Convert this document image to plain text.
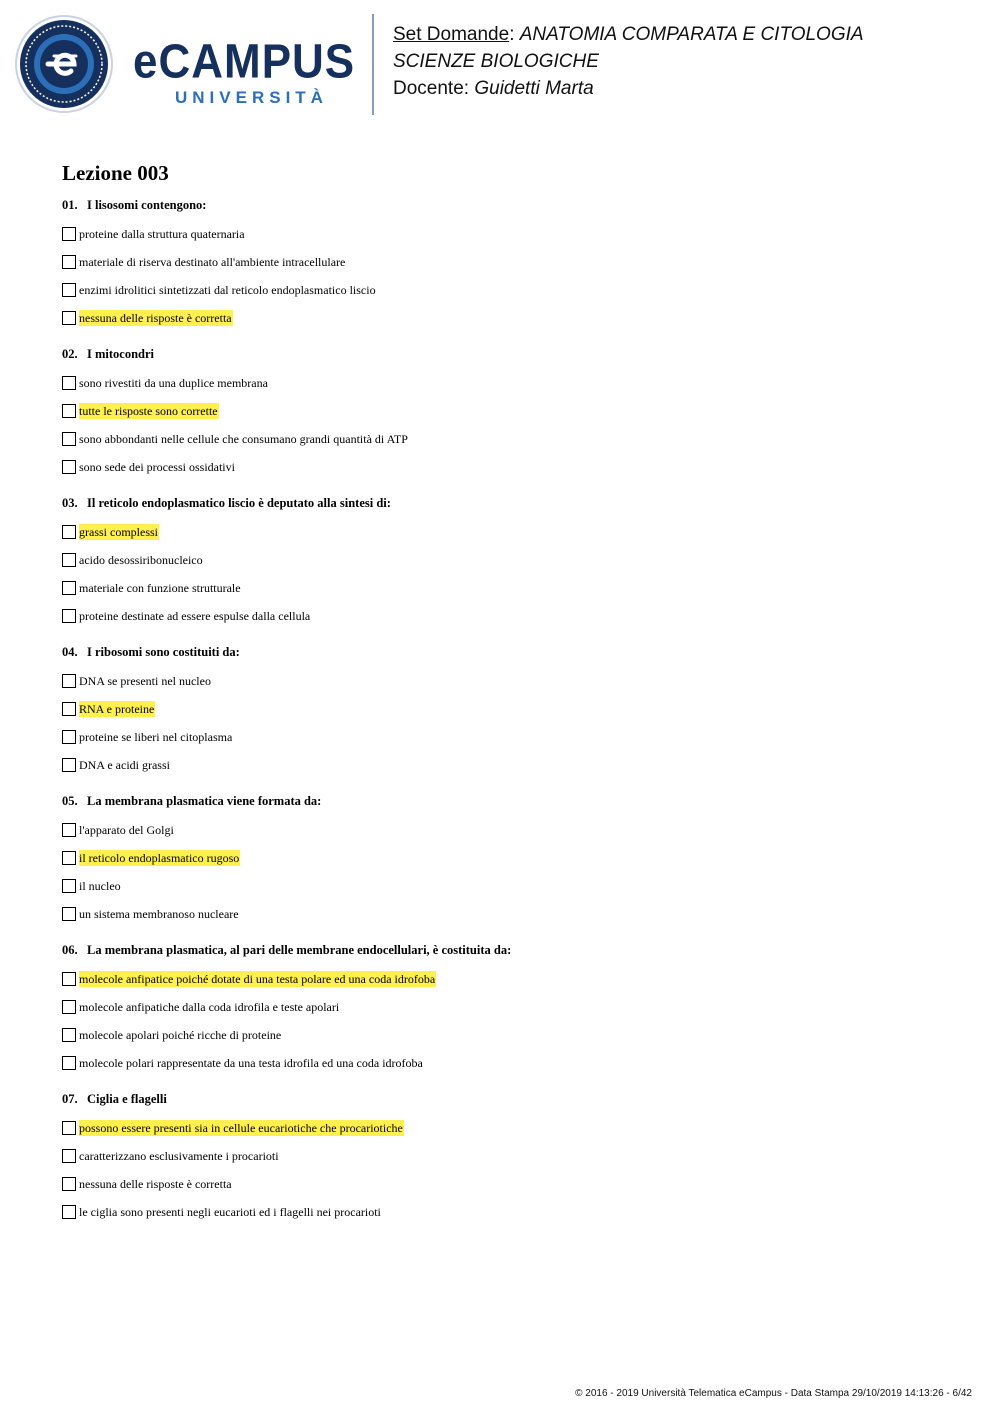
eCAMPUS
UNIVERSITÀ
Set Domande: ANATOMIA COMPARATA E CITOLOGIA
SCIENZE BIOLOGICHE
Docente: Guidetti Marta
Lezione 003
01. I lisosomi contengono:
proteine dalla struttura quaternaria
materiale di riserva destinato all'ambiente intracellulare
enzimi idrolitici sintetizzati dal reticolo endoplasmatico liscio
nessuna delle risposte è corretta
02. I mitocondri
sono rivestiti da una duplice membrana
tutte le risposte sono corrette
sono abbondanti nelle cellule che consumano grandi quantità di ATP
sono sede dei processi ossidativi
03. Il reticolo endoplasmatico liscio è deputato alla sintesi di:
grassi complessi
acido desossiribonucleico
materiale con funzione strutturale
proteine destinate ad essere espulse dalla cellula
04. I ribosomi sono costituiti da:
DNA se presenti nel nucleo
RNA e proteine
proteine se liberi nel citoplasma
DNA e acidi grassi
05. La membrana plasmatica viene formata da:
l'apparato del Golgi
il reticolo endoplasmatico rugoso
il nucleo
un sistema membranoso nucleare
06. La membrana plasmatica, al pari delle membrane endocellulari, è costituita da:
molecole anfipatice poiché dotate di una testa polare ed una coda idrofoba
molecole anfipatiche dalla coda idrofila e teste apolari
molecole apolari poiché ricche di proteine
molecole polari rappresentate da una testa idrofila ed una coda idrofoba
07. Ciglia e flagelli
possono essere presenti sia in cellule eucariotiche che procariotiche
caratterizzano esclusivamente i procarioti
nessuna delle risposte è corretta
le ciglia sono presenti negli eucarioti ed i flagelli nei procarioti
© 2016 - 2019 Università Telematica eCampus - Data Stampa 29/10/2019 14:13:26 - 6/42
